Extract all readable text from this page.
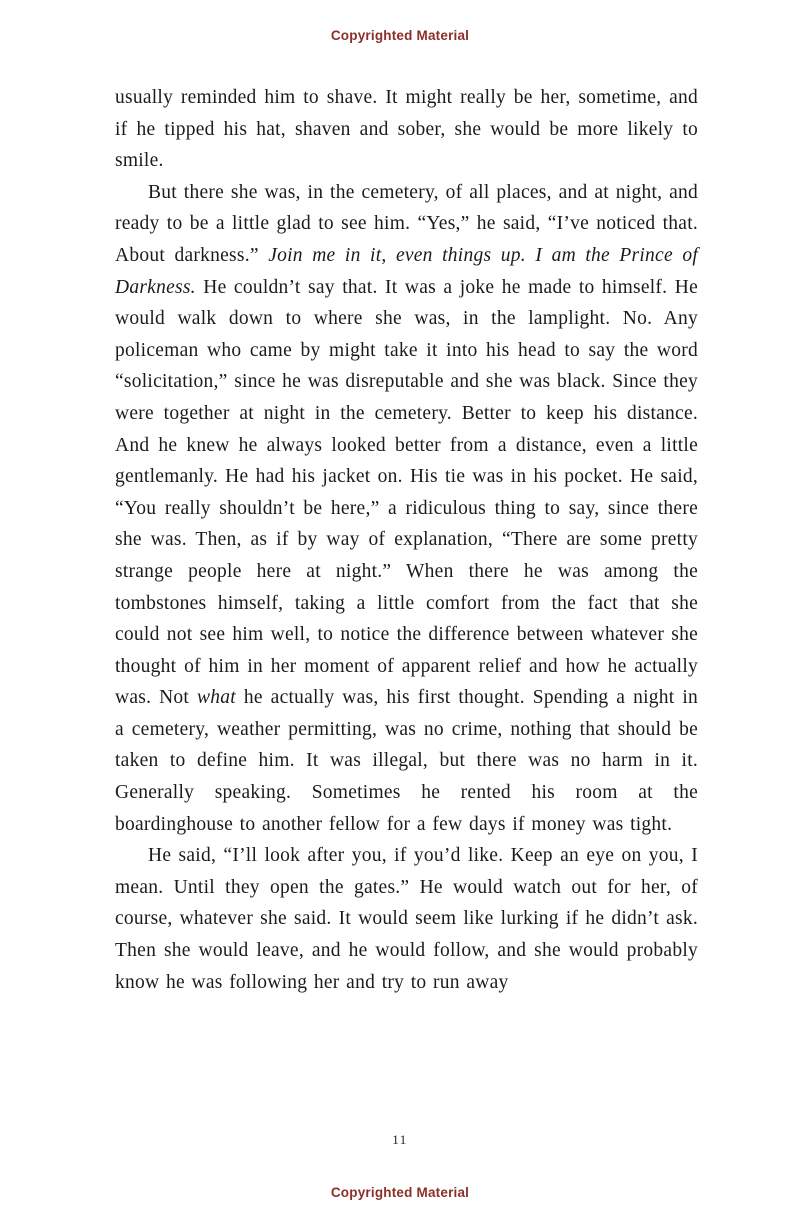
Copyrighted Material

usually reminded him to shave. It might really be her, sometime, and if he tipped his hat, shaven and sober, she would be more likely to smile.

But there she was, in the cemetery, of all places, and at night, and ready to be a little glad to see him. “Yes,” he said, “I’ve noticed that. About darkness.” Join me in it, even things up. I am the Prince of Darkness. He couldn’t say that. It was a joke he made to himself. He would walk down to where she was, in the lamplight. No. Any policeman who came by might take it into his head to say the word “solicitation,” since he was disreputable and she was black. Since they were together at night in the cemetery. Better to keep his distance. And he knew he always looked better from a distance, even a little gentlemanly. He had his jacket on. His tie was in his pocket. He said, “You really shouldn’t be here,” a ridiculous thing to say, since there she was. Then, as if by way of explanation, “There are some pretty strange people here at night.” When there he was among the tombstones himself, taking a little comfort from the fact that she could not see him well, to notice the difference between whatever she thought of him in her moment of apparent relief and how he actually was. Not what he actually was, his first thought. Spending a night in a cemetery, weather permitting, was no crime, nothing that should be taken to define him. It was illegal, but there was no harm in it. Generally speaking. Sometimes he rented his room at the boardinghouse to another fellow for a few days if money was tight.

He said, “I’ll look after you, if you’d like. Keep an eye on you, I mean. Until they open the gates.” He would watch out for her, of course, whatever she said. It would seem like lurking if he didn’t ask. Then she would leave, and he would follow, and she would probably know he was following her and try to run away

11
Copyrighted Material
